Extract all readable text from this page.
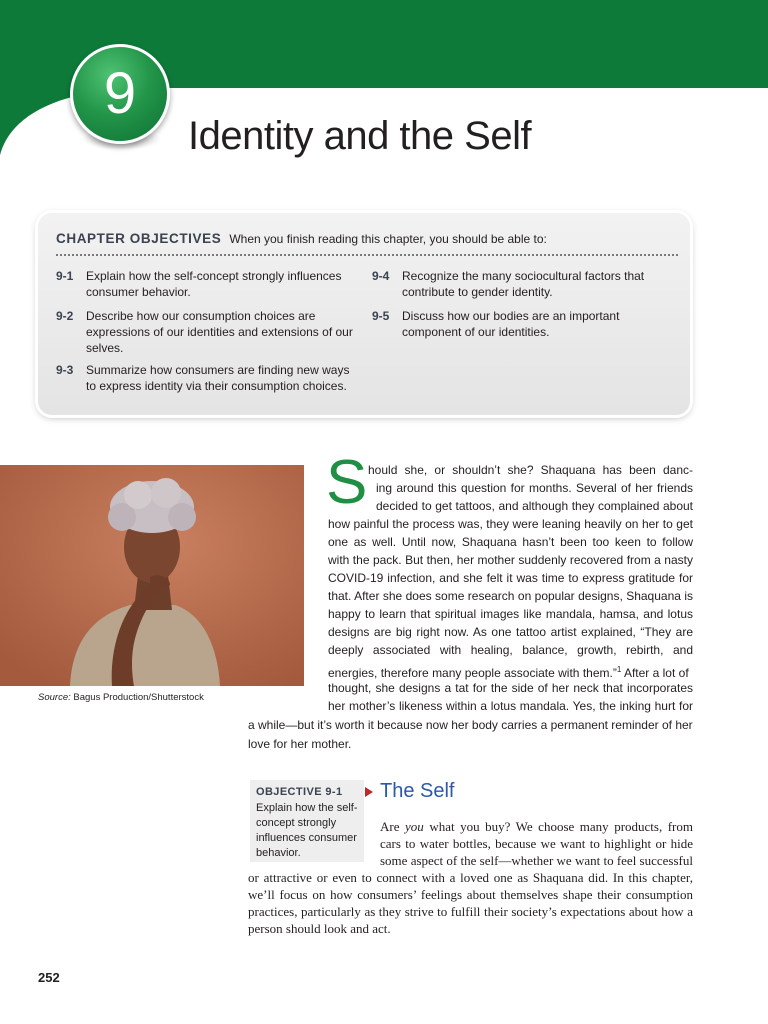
9
Identity and the Self
CHAPTER OBJECTIVES When you finish reading this chapter, you should be able to:
9-1 Explain how the self-concept strongly influences consumer behavior.
9-2 Describe how our consumption choices are expressions of our identities and extensions of our selves.
9-3 Summarize how consumers are finding new ways to express identity via their consumption choices.
9-4 Recognize the many sociocultural factors that contribute to gender identity.
9-5 Discuss how our bodies are an important component of our identities.
Source: Bagus Production/Shutterstock
S hould she, or shouldn’t she? Shaquana has been danc-
ing around this question for months. Several of her friends
decided to get tattoos, and although they complained about
how painful the process was, they were leaning heavily on her to get
one as well. Until now, Shaquana hasn’t been too keen to follow
with the pack. But then, her mother suddenly recovered from a nasty
COVID-19 infection, and she felt it was time to express gratitude for
that. After she does some research on popular designs, Shaquana is
happy to learn that spiritual images like mandala, hamsa, and lotus
designs are big right now. As one tattoo artist explained, “They are
deeply associated with healing, balance, growth, rebirth, and
energies, therefore many people associate with them.”$^1$ After a lot of
thought, she designs a tat for the side of her neck that incorporates
her mother’s likeness within a lotus mandala. Yes, the inking hurt for
a while—but it’s worth it because now her body carries a permanent reminder of her
love for her mother.
OBJECTIVE 9-1
Explain how the self-concept strongly influences consumer behavior.
The Self
Are you what you buy? We choose many products, from
cars to water bottles, because we want to highlight or hide
some aspect of the self—whether we want to feel successful
or attractive or even to connect with a loved one as Shaquana did. In this chapter,
we’ll focus on how consumers’ feelings about themselves shape their consumption
practices, particularly as they strive to fulfill their society’s expectations about how a
person should look and act.
252
